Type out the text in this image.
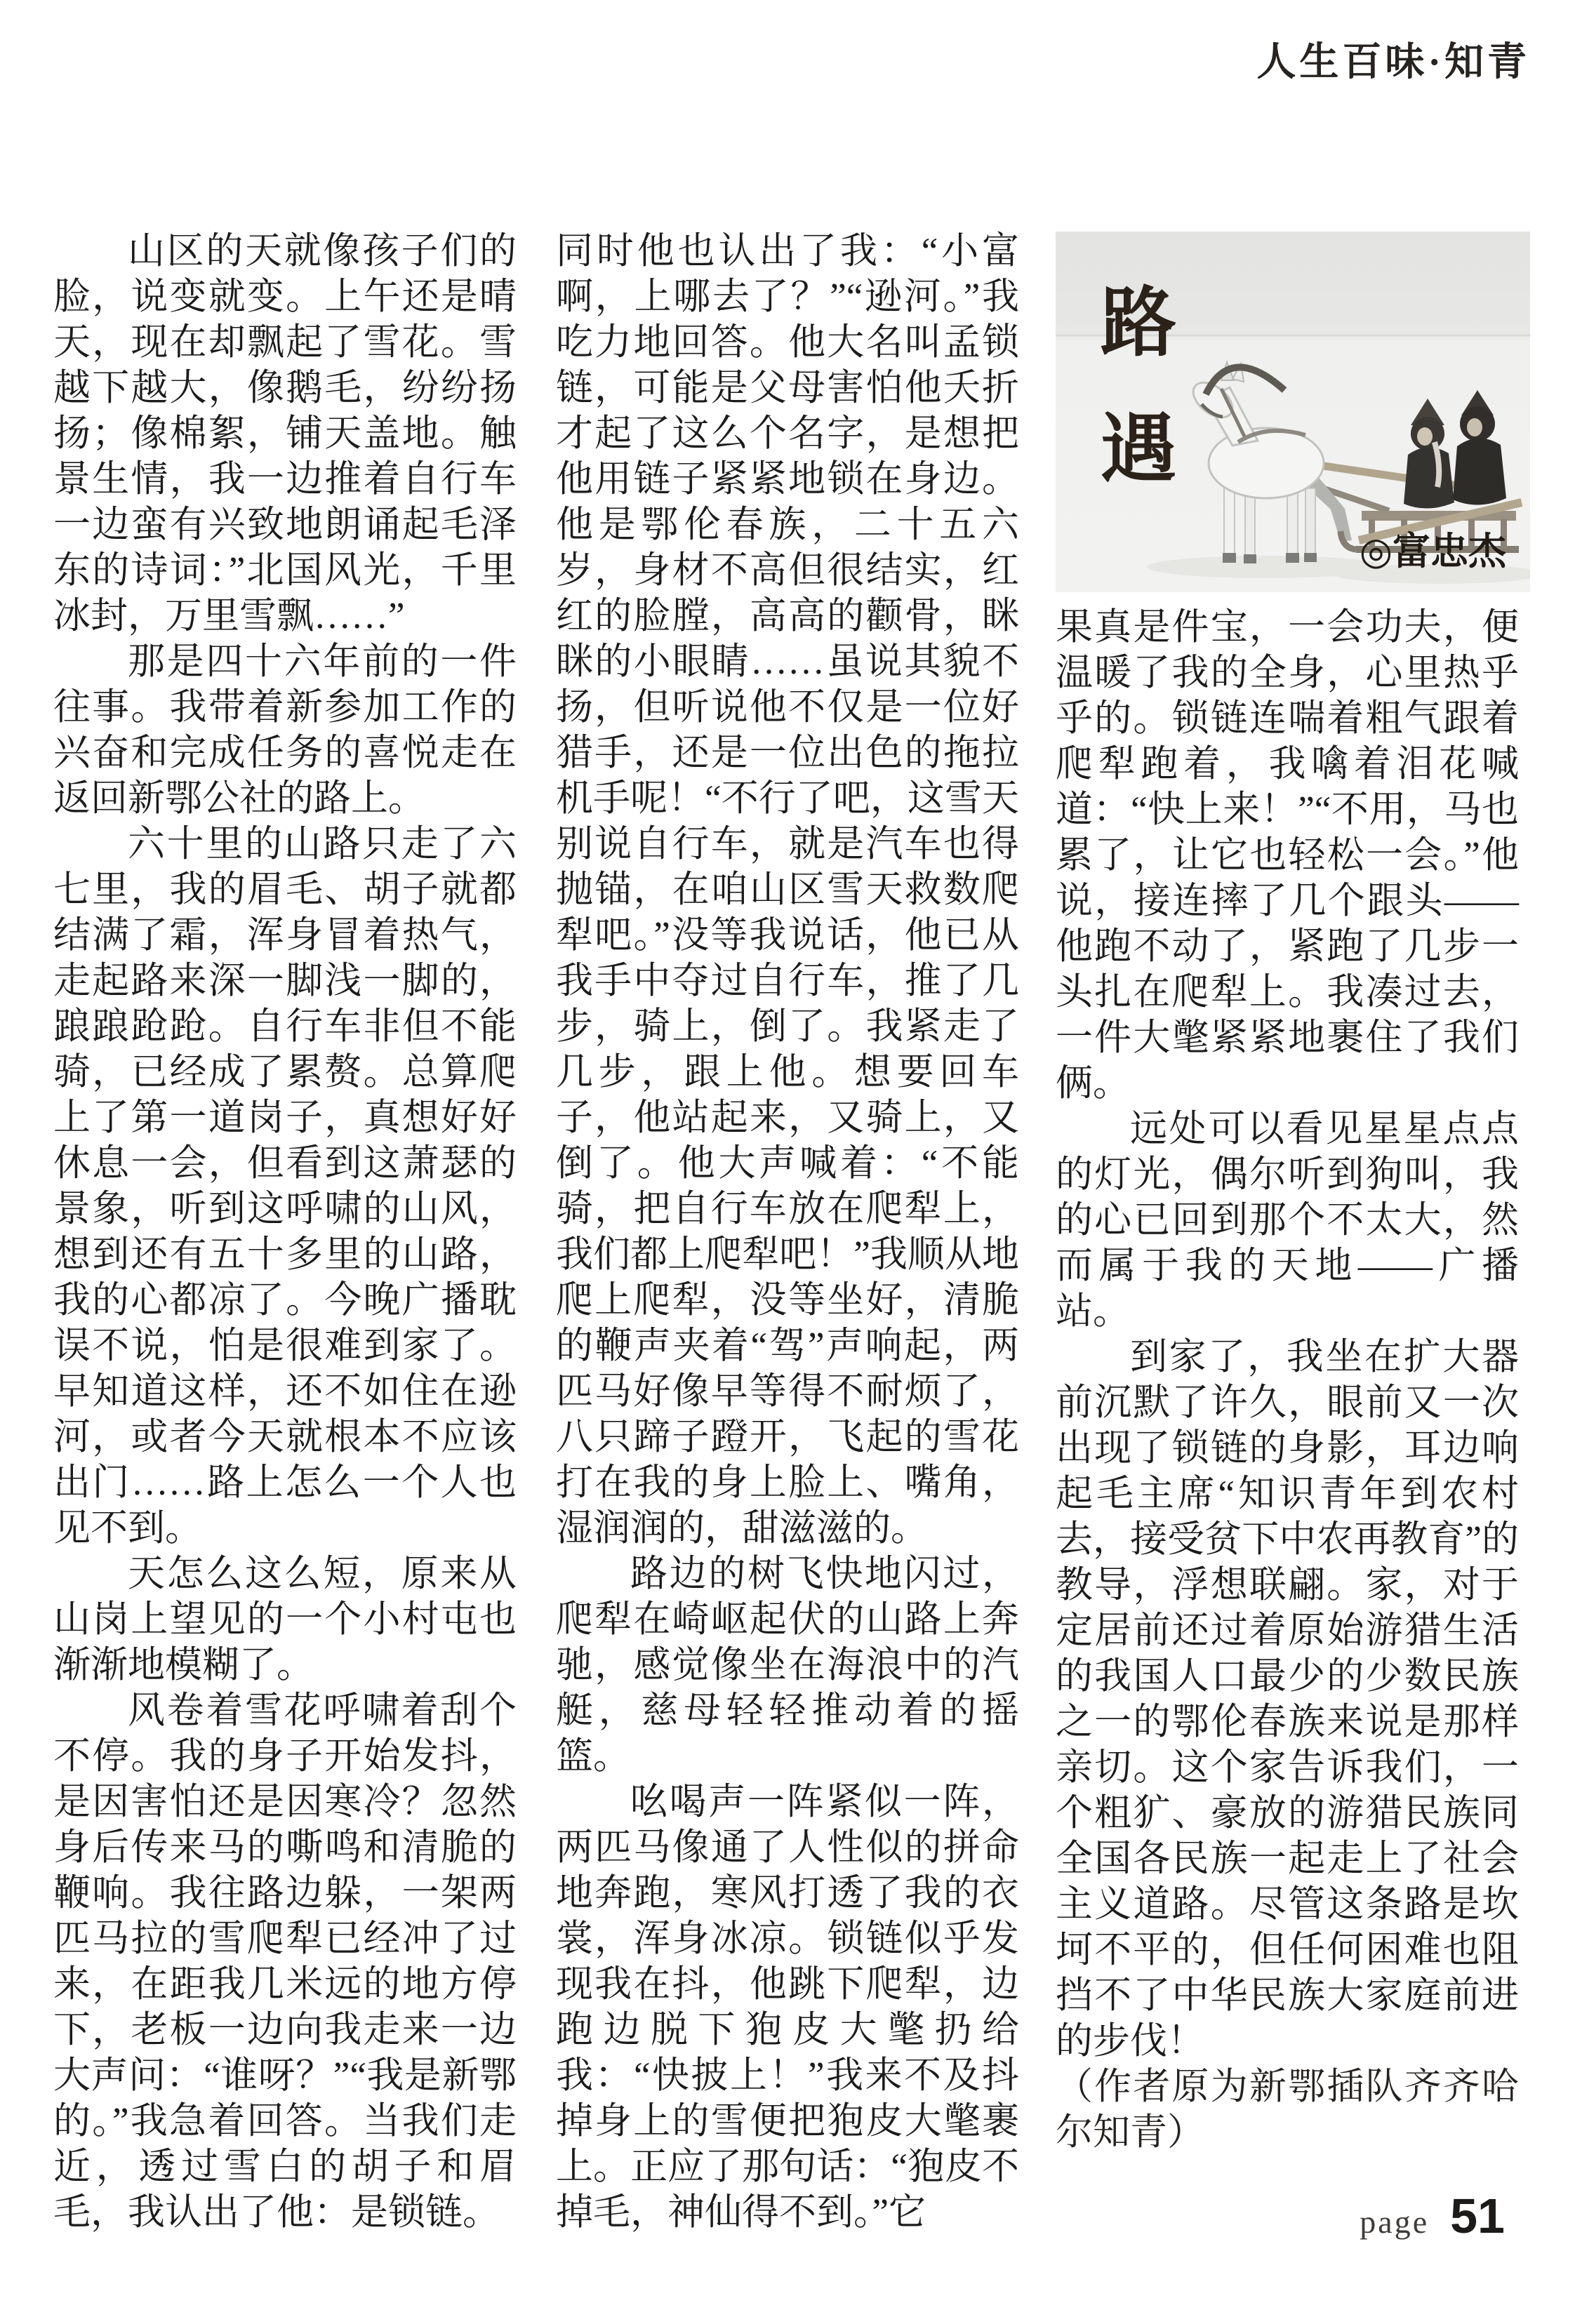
人生百味·知青

山区的天就像孩子们的脸，说变就变。上午还是晴天，现在却飘起了雪花。雪越下越大，像鹅毛，纷纷扬扬；像棉絮，铺天盖地。触景生情，我一边推着自行车一边蛮有兴致地朗诵起毛泽东的诗词：”北国风光，千里冰封，万里雪飘……”

那是四十六年前的一件往事。我带着新参加工作的兴奋和完成任务的喜悦走在返回新鄂公社的路上。

六十里的山路只走了六七里，我的眉毛、胡子就都结满了霜，浑身冒着热气，走起路来深一脚浅一脚的，踉踉跄跄。自行车非但不能骑，已经成了累赘。总算爬上了第一道岗子，真想好好休息一会，但看到这萧瑟的景象，听到这呼啸的山风，想到还有五十多里的山路，我的心都凉了。今晚广播耽误不说，怕是很难到家了。早知道这样，还不如住在逊河，或者今天就根本不应该出门……路上怎么一个人也见不到。

天怎么这么短，原来从山岗上望见的一个小村屯也渐渐地模糊了。

风卷着雪花呼啸着刮个不停。我的身子开始发抖，是因害怕还是因寒冷？忽然身后传来马的嘶鸣和清脆的鞭响。我往路边躲，一架两匹马拉的雪爬犁已经冲了过来，在距我几米远的地方停下，老板一边向我走来一边大声问：“谁呀？”“我是新鄂的。”我急着回答。当我们走近，透过雪白的胡子和眉毛，我认出了他：是锁链。

同时他也认出了我：“小富啊，上哪去了？”“逊河。”我吃力地回答。他大名叫孟锁链，可能是父母害怕他夭折才起了这么个名字，是想把他用链子紧紧地锁在身边。他是鄂伦春族，二十五六岁，身材不高但很结实，红红的脸膛，高高的颧骨，眯眯的小眼睛……虽说其貌不扬，但听说他不仅是一位好猎手，还是一位出色的拖拉机手呢！“不行了吧，这雪天别说自行车，就是汽车也得抛锚，在咱山区雪天救数爬犁吧。”没等我说话，他已从我手中夺过自行车，推了几步，骑上，倒了。我紧走了几步，跟上他。想要回车子，他站起来，又骑上，又倒了。他大声喊着：“不能骑，把自行车放在爬犁上，我们都上爬犁吧！”我顺从地爬上爬犁，没等坐好，清脆的鞭声夹着“驾”声响起，两匹马好像早等得不耐烦了，八只蹄子蹬开，飞起的雪花打在我的身上脸上、嘴角，湿润润的，甜滋滋的。

路边的树飞快地闪过，爬犁在崎岖起伏的山路上奔驰，感觉像坐在海浪中的汽艇，慈母轻轻推动着的摇篮。

吆喝声一阵紧似一阵，两匹马像通了人性似的拼命地奔跑，寒风打透了我的衣裳，浑身冰凉。锁链似乎发现我在抖，他跳下爬犁，边跑边脱下狍皮大氅扔给我：“快披上！”我来不及抖掉身上的雪便把狍皮大氅裹上。正应了那句话：“狍皮不掉毛，神仙得不到。”它

路
遇
◎富忠杰

果真是件宝，一会功夫，便温暖了我的全身，心里热乎乎的。锁链连喘着粗气跟着爬犁跑着，我噙着泪花喊道：“快上来！”“不用，马也累了，让它也轻松一会。”他说，接连摔了几个跟头——他跑不动了，紧跑了几步一头扎在爬犁上。我凑过去，一件大氅紧紧地裹住了我们俩。

远处可以看见星星点点的灯光，偶尔听到狗叫，我的心已回到那个不太大，然而属于我的天地——广播站。

到家了，我坐在扩大器前沉默了许久，眼前又一次出现了锁链的身影，耳边响起毛主席“知识青年到农村去，接受贫下中农再教育”的教导，浮想联翩。家，对于定居前还过着原始游猎生活的我国人口最少的少数民族之一的鄂伦春族来说是那样亲切。这个家告诉我们，一个粗犷、豪放的游猎民族同全国各民族一起走上了社会主义道路。尽管这条路是坎坷不平的，但任何困难也阻挡不了中华民族大家庭前进的步伐！

（作者原为新鄂插队齐齐哈尔知青）

page 51
